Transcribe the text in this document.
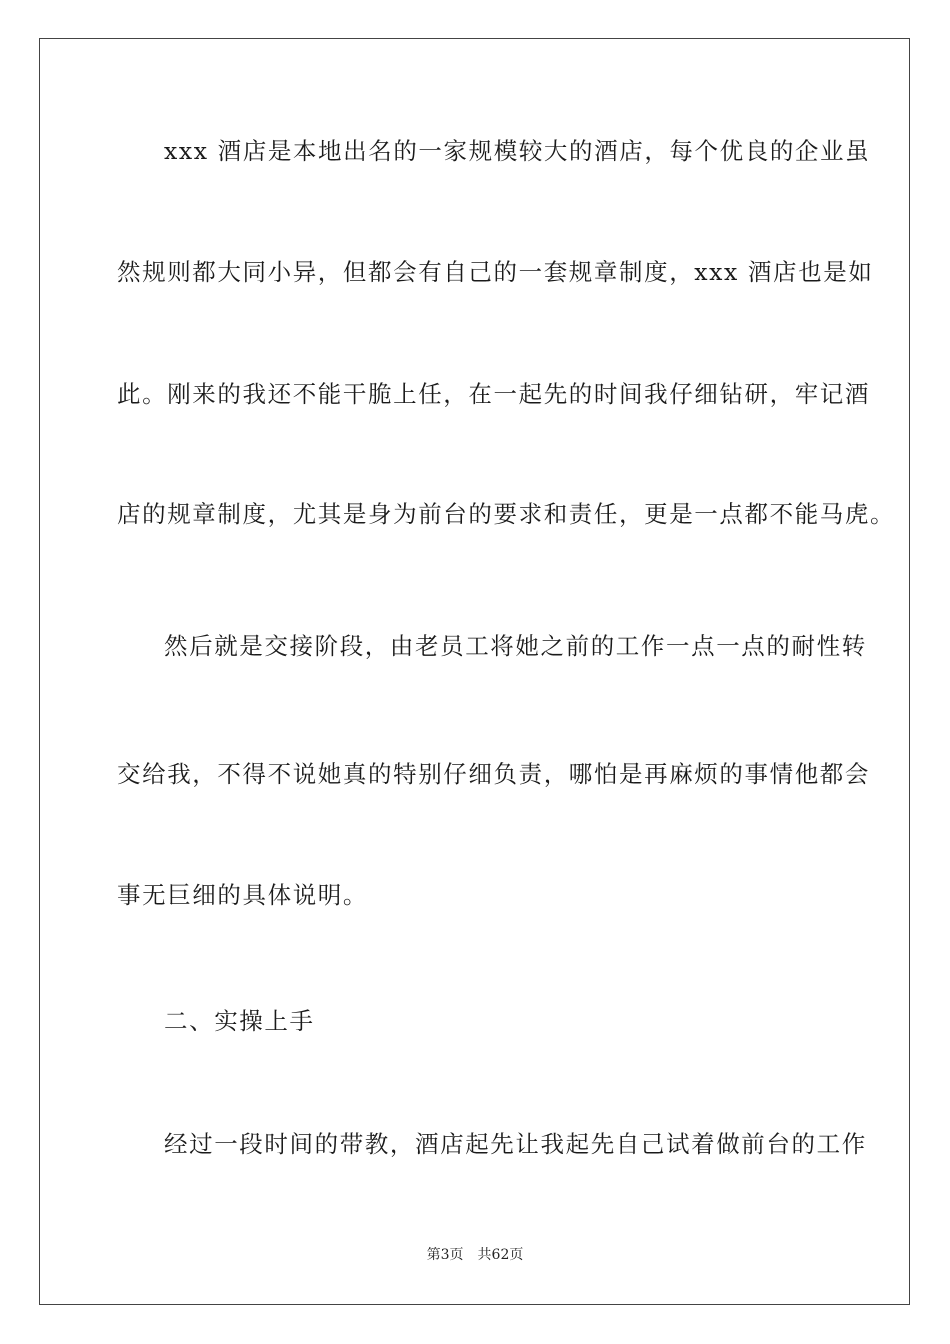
xxx 酒店是本地出名的一家规模较大的酒店，每个优良的企业虽

然规则都大同小异，但都会有自己的一套规章制度，xxx 酒店也是如

此。刚来的我还不能干脆上任，在一起先的时间我仔细钻研，牢记酒

店的规章制度，尤其是身为前台的要求和责任，更是一点都不能马虎。

然后就是交接阶段，由老员工将她之前的工作一点一点的耐性转

交给我，不得不说她真的特别仔细负责，哪怕是再麻烦的事情他都会

事无巨细的具体说明。

二、实操上手

经过一段时间的带教，酒店起先让我起先自己试着做前台的工作

第3页 共62页
